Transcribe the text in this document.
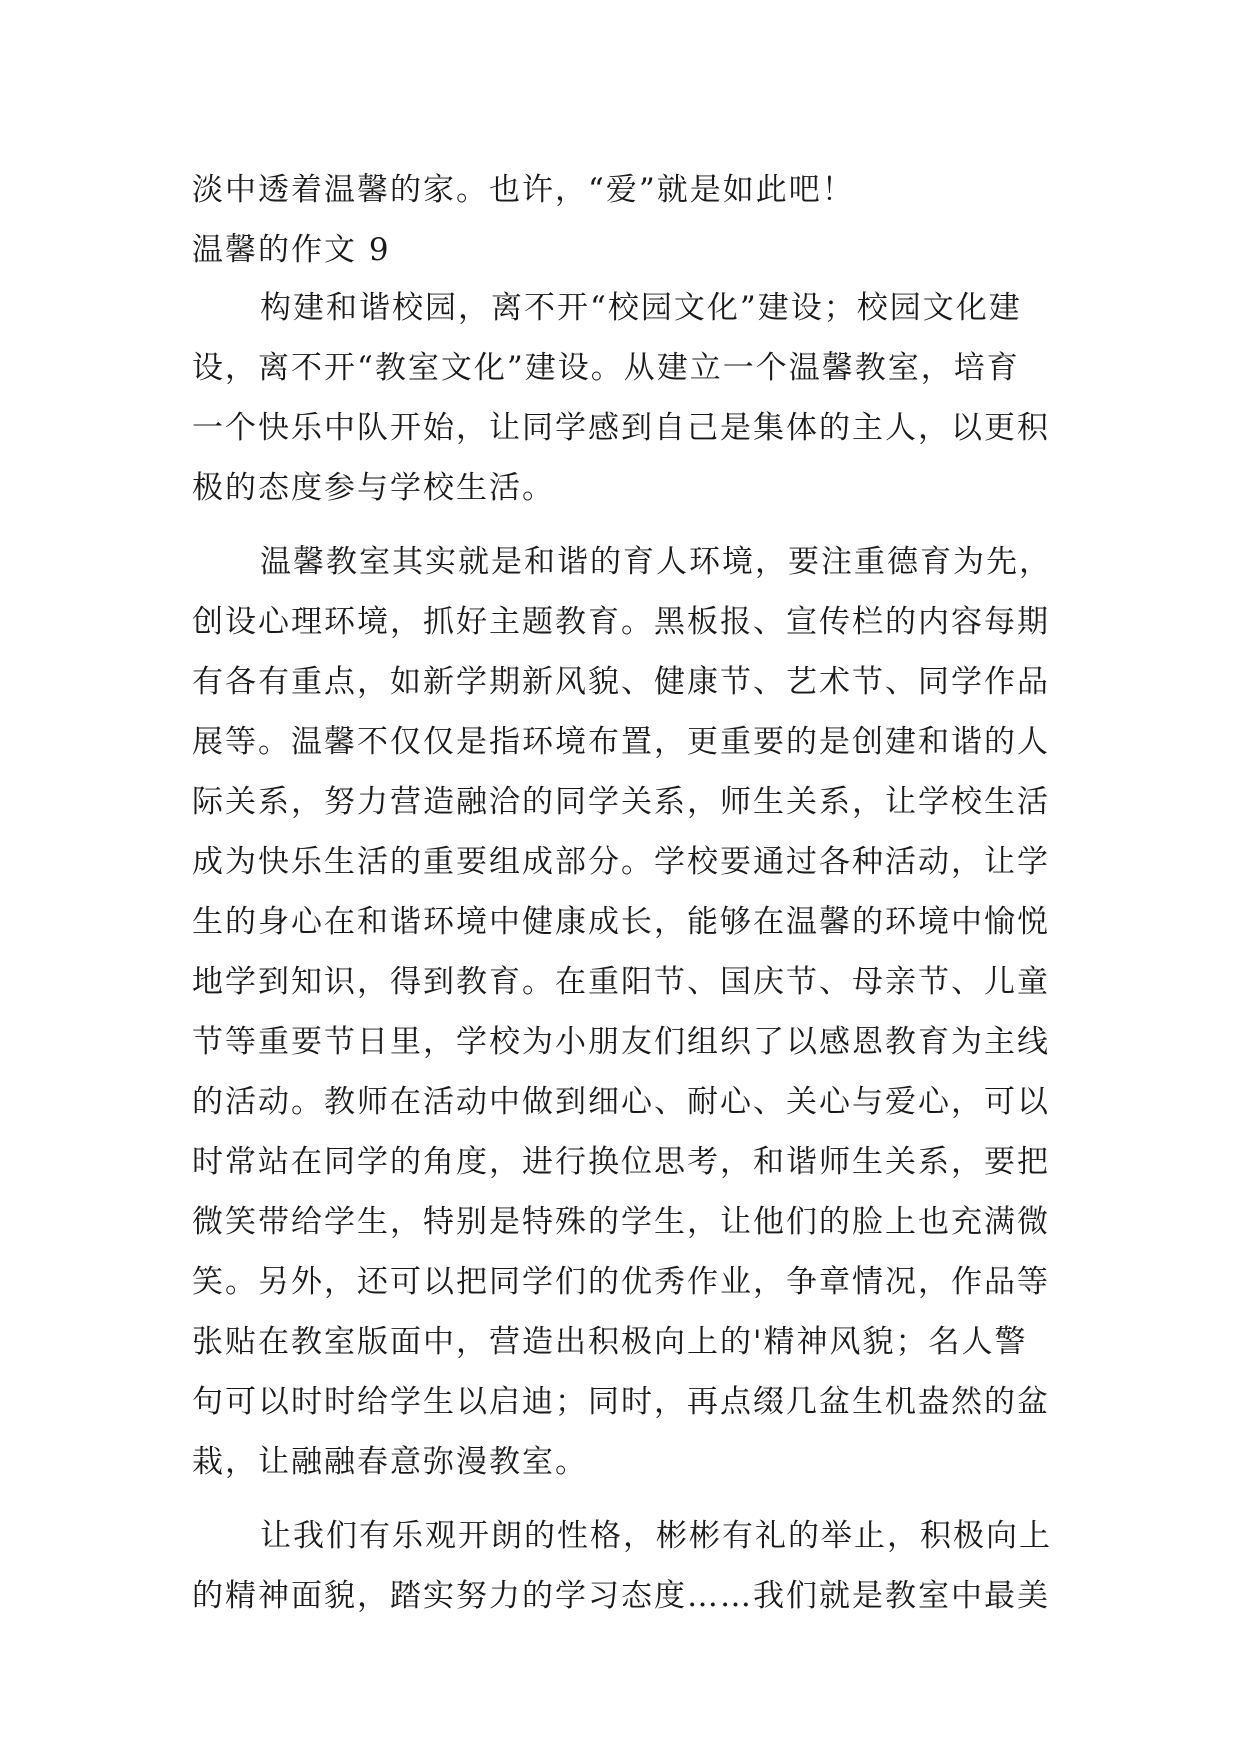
淡中透着温馨的家。也许，“爱”就是如此吧！
温馨的作文 9
构建和谐校园，离不开“校园文化”建设；校园文化建
设，离不开“教室文化”建设。从建立一个温馨教室，培育
一个快乐中队开始，让同学感到自己是集体的主人，以更积
极的态度参与学校生活。
温馨教室其实就是和谐的育人环境，要注重德育为先，
创设心理环境，抓好主题教育。黑板报、宣传栏的内容每期
有各有重点，如新学期新风貌、健康节、艺术节、同学作品
展等。温馨不仅仅是指环境布置，更重要的是创建和谐的人
际关系，努力营造融洽的同学关系，师生关系，让学校生活
成为快乐生活的重要组成部分。学校要通过各种活动，让学
生的身心在和谐环境中健康成长，能够在温馨的环境中愉悦
地学到知识，得到教育。在重阳节、国庆节、母亲节、儿童
节等重要节日里，学校为小朋友们组织了以感恩教育为主线
的活动。教师在活动中做到细心、耐心、关心与爱心，可以
时常站在同学的角度，进行换位思考，和谐师生关系，要把
微笑带给学生，特别是特殊的学生，让他们的脸上也充满微
笑。另外，还可以把同学们的优秀作业，争章情况，作品等
张贴在教室版面中，营造出积极向上的'精神风貌；名人警
句可以时时给学生以启迪；同时，再点缀几盆生机盎然的盆
栽，让融融春意弥漫教室。
让我们有乐观开朗的性格，彬彬有礼的举止，积极向上
的精神面貌，踏实努力的学习态度……我们就是教室中最美
